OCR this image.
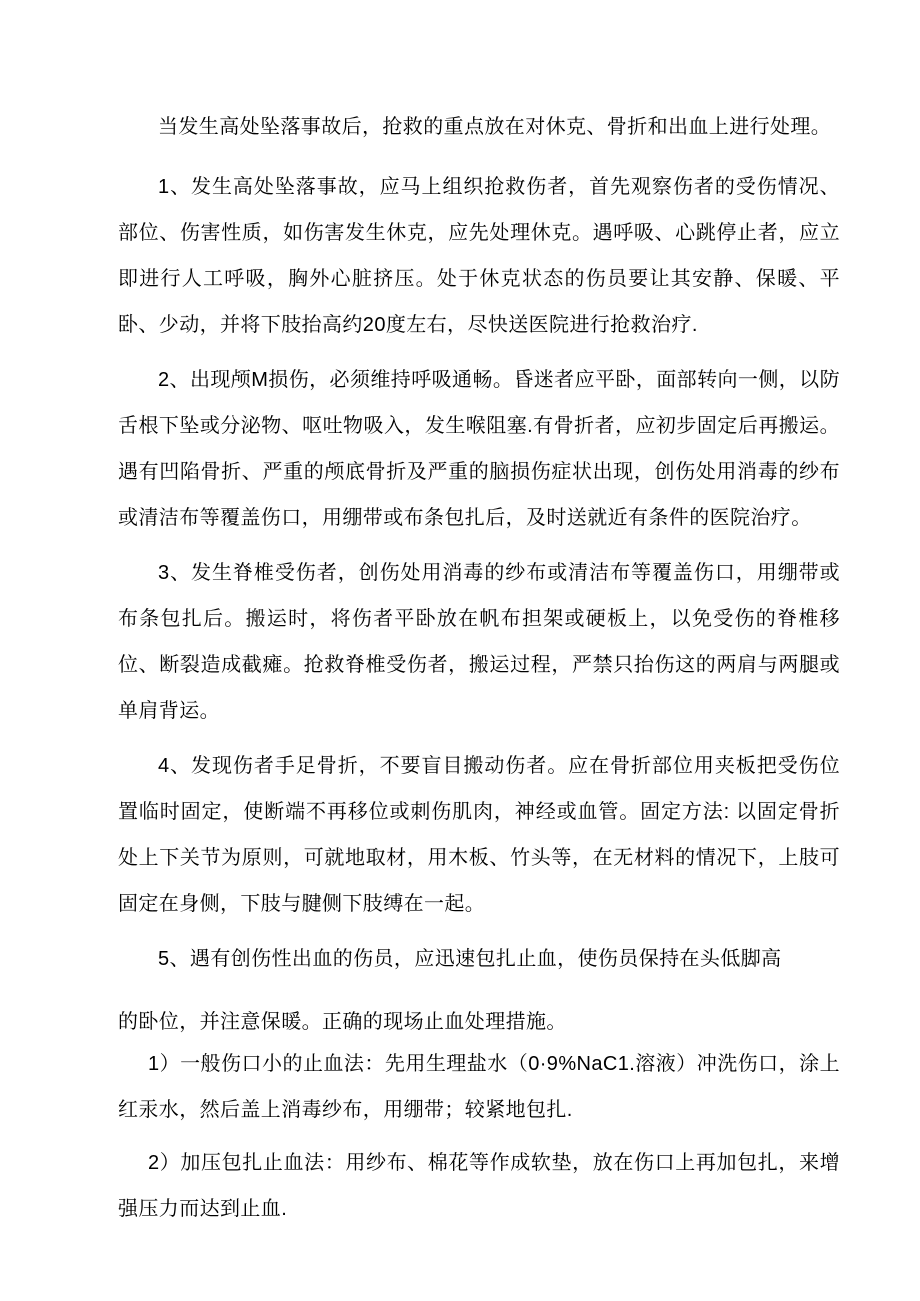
当发生高处坠落事故后，抢救的重点放在对休克、骨折和出血上进行处理。

1、发生高处坠落事故，应马上组织抢救伤者，首先观察伤者的受伤情况、部位、伤害性质，如伤害发生休克，应先处理休克。遇呼吸、心跳停止者，应立即进行人工呼吸，胸外心脏挤压。处于休克状态的伤员要让其安静、保暖、平卧、少动，并将下肢抬高约20度左右，尽快送医院进行抢救治疗.

2、出现颅M损伤，必须维持呼吸通畅。昏迷者应平卧，面部转向一侧，以防舌根下坠或分泌物、呕吐物吸入，发生喉阻塞.有骨折者，应初步固定后再搬运。遇有凹陷骨折、严重的颅底骨折及严重的脑损伤症状出现，创伤处用消毒的纱布或清洁布等覆盖伤口，用绷带或布条包扎后，及时送就近有条件的医院治疗。

3、发生脊椎受伤者，创伤处用消毒的纱布或清洁布等覆盖伤口，用绷带或布条包扎后。搬运时，将伤者平卧放在帆布担架或硬板上，以免受伤的脊椎移位、断裂造成截瘫。抢救脊椎受伤者，搬运过程，严禁只抬伤这的两肩与两腿或单肩背运。

4、发现伤者手足骨折，不要盲目搬动伤者。应在骨折部位用夹板把受伤位置临时固定，使断端不再移位或刺伤肌肉，神经或血管。固定方法: 以固定骨折处上下关节为原则，可就地取材，用木板、竹头等，在无材料的情况下，上肢可固定在身侧，下肢与腱侧下肢缚在一起。

5、遇有创伤性出血的伤员，应迅速包扎止血，使伤员保持在头低脚高

的卧位，并注意保暖。正确的现场止血处理措施。

1）一般伤口小的止血法：先用生理盐水（0·9%NaC1.溶液）冲洗伤口，涂上红汞水，然后盖上消毒纱布，用绷带；较紧地包扎.

2）加压包扎止血法：用纱布、棉花等作成软垫，放在伤口上再加包扎，来增强压力而达到止血.
